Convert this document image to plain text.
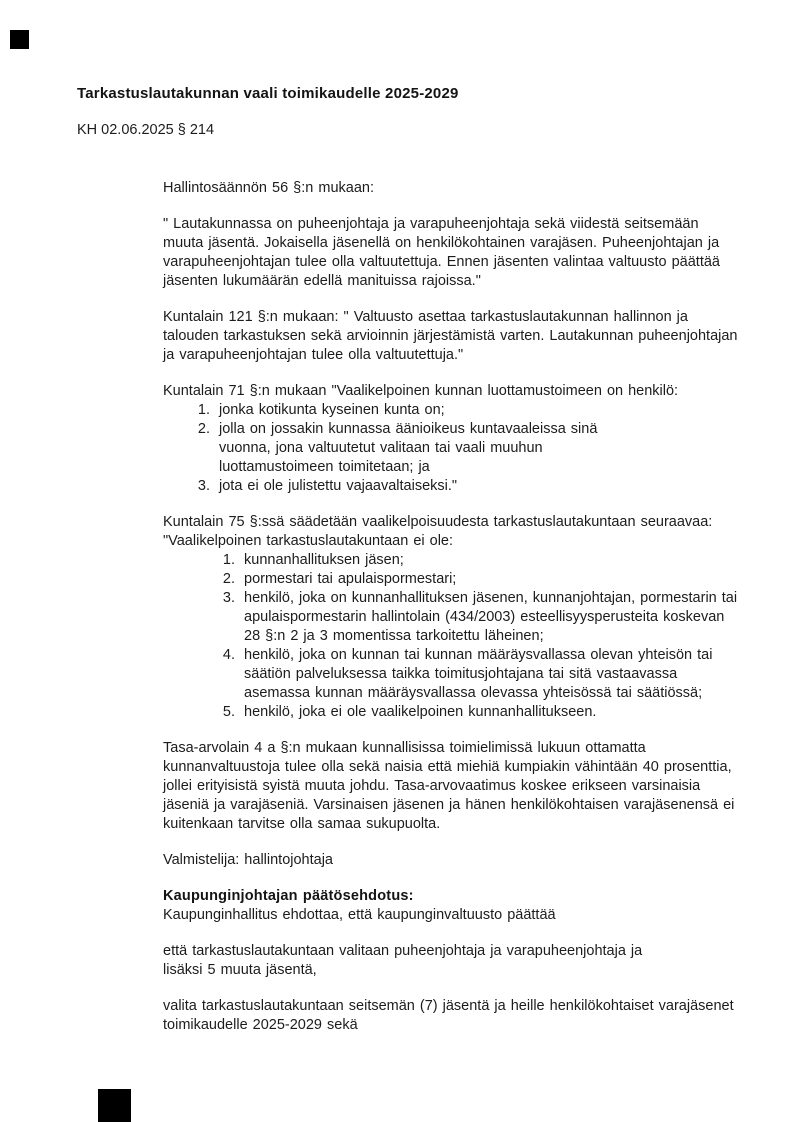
Tarkastuslautakunnan vaali toimikaudelle 2025-2029
KH 02.06.2025 § 214

Hallintosäännön 56 §:n mukaan:

" Lautakunnassa on puheenjohtaja ja varapuheenjohtaja sekä viidestä seitsemään muuta jäsentä. Jokaisella jäsenellä on henkilökohtainen varajäsen. Puheenjohtajan ja varapuheenjohtajan tulee olla valtuutettuja. Ennen jäsenten valintaa valtuusto päättää jäsenten lukumäärän edellä manituissa rajoissa."

Kuntalain 121 §:n mukaan: " Valtuusto asettaa tarkastuslautakunnan hallinnon ja talouden tarkastuksen sekä arvioinnin järjestämistä varten. Lautakunnan puheenjohtajan ja varapuheenjohtajan tulee olla valtuutettuja."

Kuntalain 71 §:n mukaan "Vaalikelpoinen kunnan luottamustoimeen on henkilö:

1. jonka kotikunta kyseinen kunta on;
2. jolla on jossakin kunnassa äänioikeus kuntavaaleissa sinä vuonna, jona valtuutetut valitaan tai vaali muuhun luottamustoimeen toimitetaan; ja
3. jota ei ole julistettu vajaavaltaiseksi."

Kuntalain 75 §:ssä säädetään vaalikelpoisuudesta tarkastuslautakuntaan seuraavaa: "Vaalikelpoinen tarkastuslautakuntaan ei ole:

1. kunnanhallituksen jäsen;
2. pormestari tai apulaispormestari;
3. henkilö, joka on kunnanhallituksen jäsenen, kunnanjohtajan, pormestarin tai apulaispormestarin hallintolain (434/2003) esteellisyysperusteita koskevan 28 §:n 2 ja 3 momentissa tarkoitettu läheinen;
4. henkilö, joka on kunnan tai kunnan määräysvallassa olevan yhteisön tai säätiön palveluksessa taikka toimitusjohtajana tai sitä vastaavassa asemassa kunnan määräysvallassa olevassa yhteisössä tai säätiössä;
5. henkilö, joka ei ole vaalikelpoinen kunnanhallitukseen.

Tasa-arvolain 4 a §:n mukaan kunnallisissa toimielimissä lukuun ottamatta kunnanvaltuustoja tulee olla sekä naisia että miehiä kumpiakin vähintään 40 prosenttia, jollei erityisistä syistä muuta johdu. Tasa-arvovaatimus koskee erikseen varsinaisia jäseniä ja varajäseniä. Varsinaisen jäsenen ja hänen henkilökohtaisen varajäsenensä ei kuitenkaan tarvitse olla samaa sukupuolta.

Valmistelija: hallintojohtaja

Kaupunginjohtajan päätösehdotus:

Kaupunginhallitus ehdottaa, että kaupunginvaltuusto päättää

että tarkastuslautakuntaan valitaan puheenjohtaja ja varapuheenjohtaja ja lisäksi 5 muuta jäsentä,

valita tarkastuslautakuntaan seitsemän (7) jäsentä ja heille henkilökohtaiset varajäsenet toimikaudelle 2025-2029 sekä
